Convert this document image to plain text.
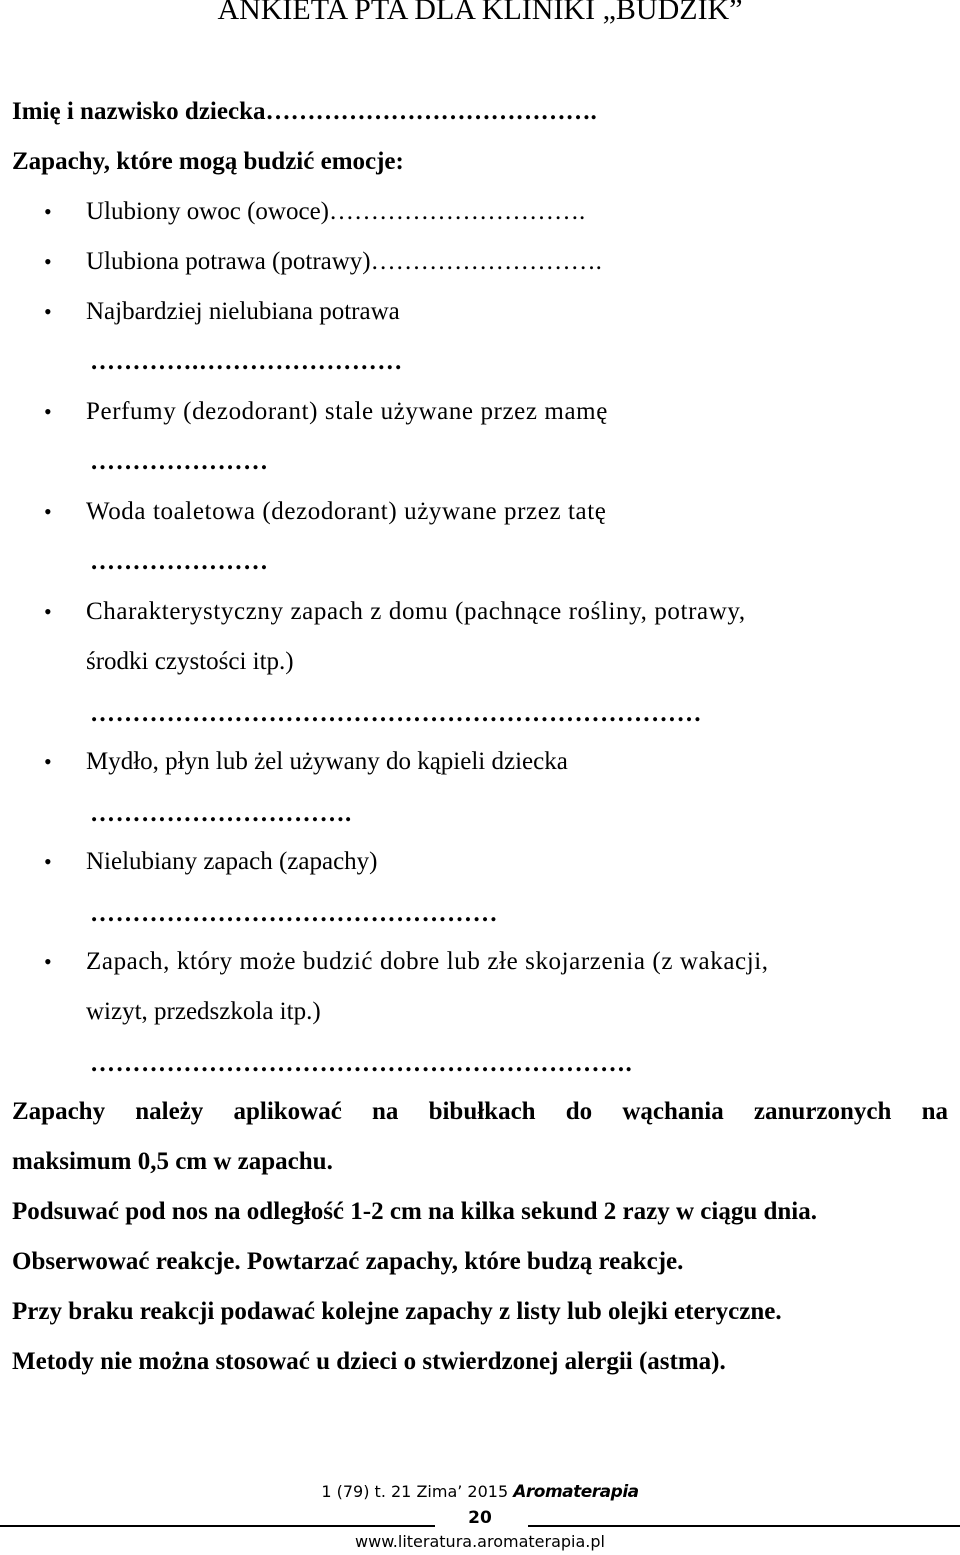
ANKIETA PTA DLA KLINIKI „BUDZIK”
Imię i nazwisko dziecka………………………………….
Zapachy, które mogą budzić emocje:
• Ulubiony owoc (owoce)………………………….
• Ulubiona potrawa (potrawy)……………………….
• Najbardziej nielubiana potrawa
………….……………………
• Perfumy (dezodorant) stale używane przez mamę
…………………
• Woda toaletowa (dezodorant) używane przez tatę
…………………
• Charakterystyczny zapach z domu (pachnące rośliny, potrawy,
środki czystości itp.)
………………………………………………………………
• Mydło, płyn lub żel używany do kąpieli dziecka
………………………….
• Nielubiany zapach (zapachy)
…………………………………………
• Zapach, który może budzić dobre lub złe skojarzenia (z wakacji,
wizyt, przedszkola itp.)
……………………………………………………….
Zapachy należy aplikować na bibułkach do wąchania zanurzonych na
maksimum 0,5 cm w zapachu.
Podsuwać pod nos na odległość 1-2 cm na kilka sekund 2 razy w ciągu dnia.
Obserwować reakcje. Powtarzać zapachy, które budzą reakcje.
Przy braku reakcji podawać kolejne zapachy z listy lub olejki eteryczne.
Metody nie można stosować u dzieci o stwierdzonej alergii (astma).
1 (79) t. 21 Zima’ 2015 Aromaterapia
20
www.literatura.aromaterapia.pl
